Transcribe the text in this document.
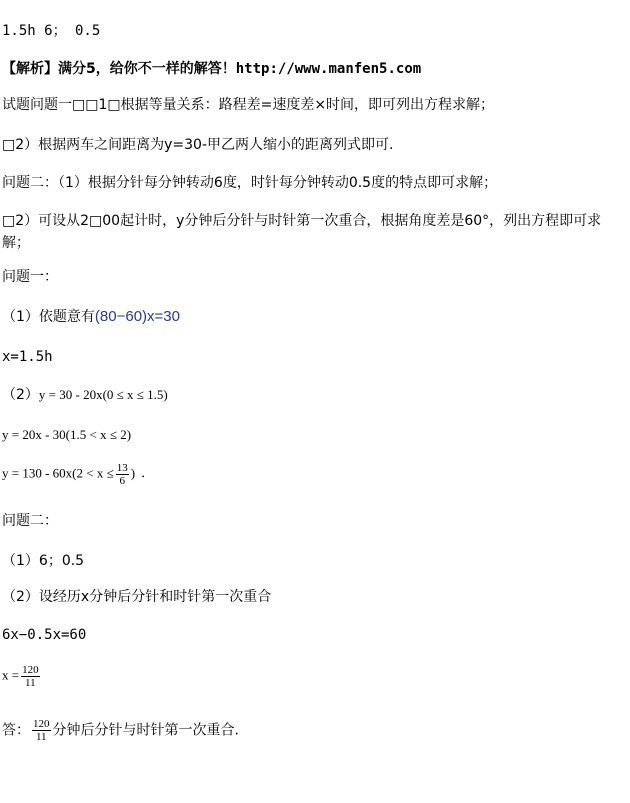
1.5h 6； 0.5
【解析】满分5，给你不一样的解答！http://www.manfen5.com
试题问题一□□1□根据等量关系：路程差=速度差×时间，即可列出方程求解；
□2）根据两车之间距离为y=30-甲乙两人缩小的距离列式即可.
问题二：（1）根据分针每分钟转动6度，时针每分钟转动0.5度的特点即可求解；
□2）可设从2□00起计时，y分钟后分针与时针第一次重合，根据角度差是60°，列出方程即可求解；
问题一：
（1）依题意有(80−60)x=30
x=1.5h
（2）y = 30 - 20x(0 ≤ x ≤ 1.5)
y = 20x - 30(1.5 < x ≤ 2)
$y = 130 - 60x(2 < x \le \frac{13}{6}$ ) ．
问题二：
（1）6；0.5
（2）设经历x分钟后分针和时针第一次重合
6x−0.5x=60
$x = \frac{120}{11}$
答： $\frac{120}{11}$ 分钟后分针与时针第一次重合.
